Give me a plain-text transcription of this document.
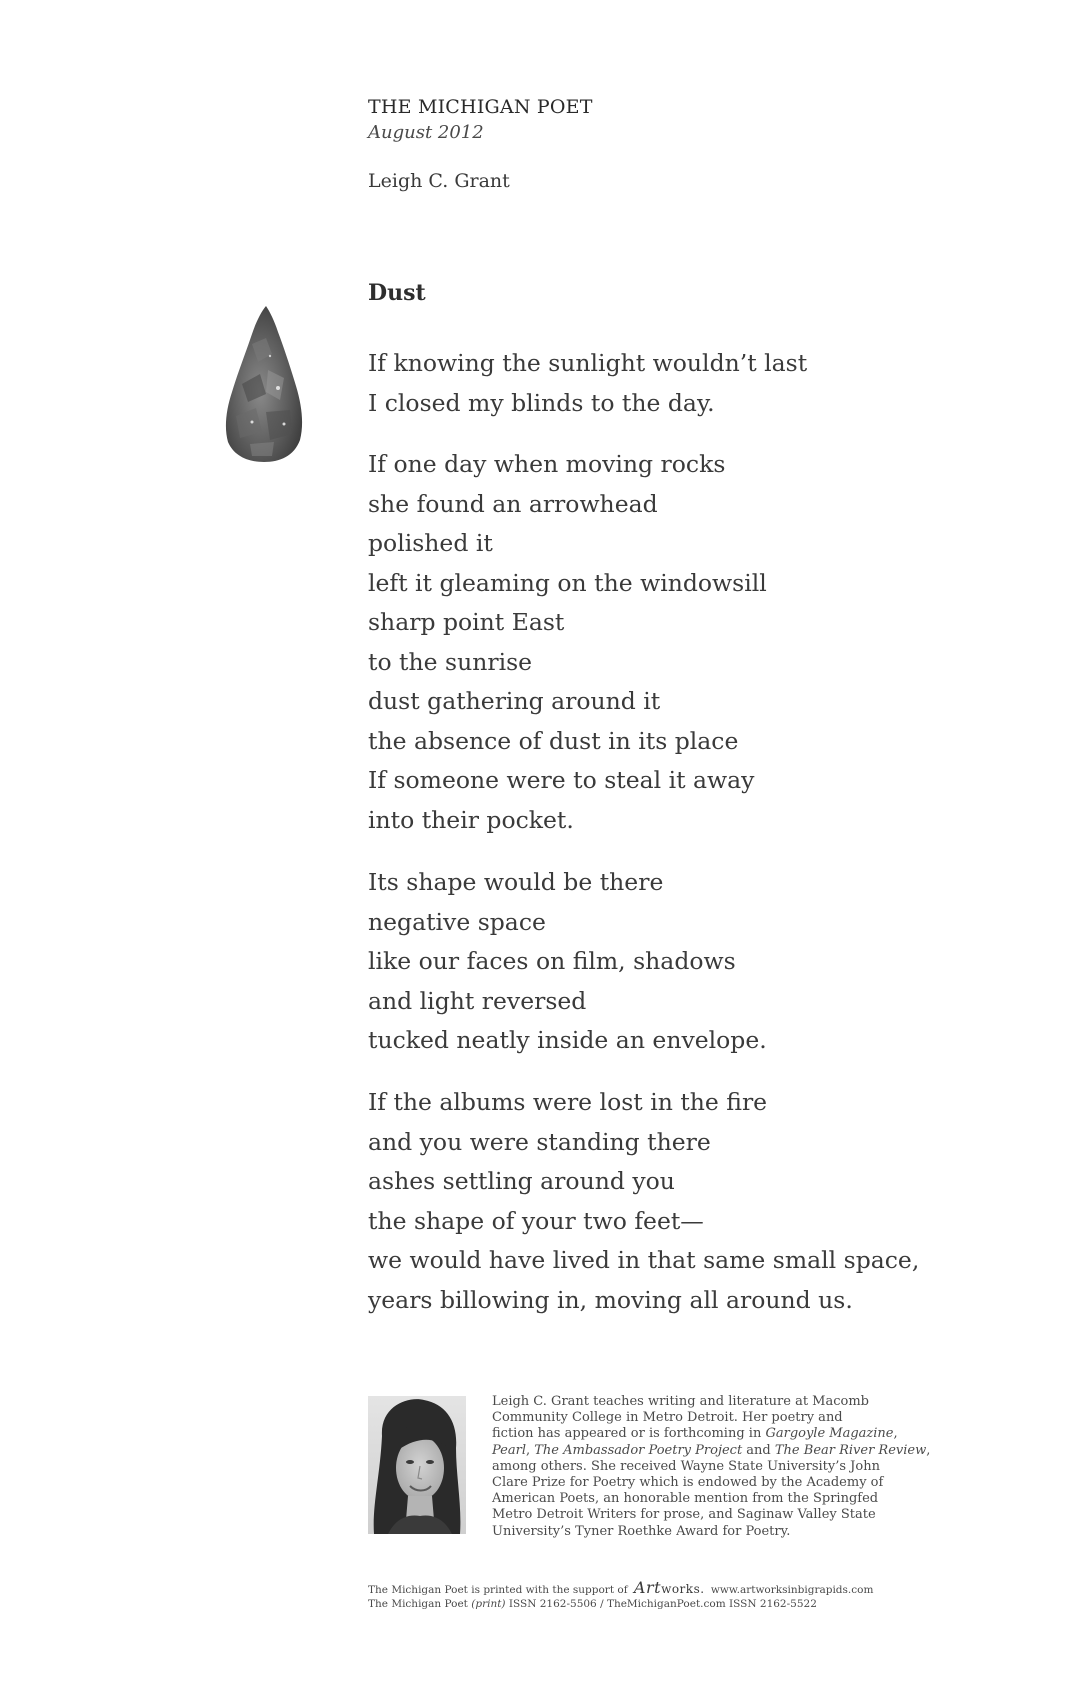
THE MICHIGAN POET
August 2012
Leigh C. Grant
Dust
If knowing the sunlight wouldn’t last
I closed my blinds to the day.
If one day when moving rocks
she found an arrowhead
polished it
left it gleaming on the windowsill
sharp point East
to the sunrise
dust gathering around it
the absence of dust in its place
If someone were to steal it away
into their pocket.
Its shape would be there
negative space
like our faces on film, shadows
and light reversed
tucked neatly inside an envelope.
If the albums were lost in the fire
and you were standing there
ashes settling around you
the shape of your two feet—
we would have lived in that same small space,
years billowing in, moving all around us.
Leigh C. Grant teaches writing and literature at Macomb
Community College in Metro Detroit. Her poetry and
fiction has appeared or is forthcoming in Gargoyle Magazine,
Pearl, The Ambassador Poetry Project and The Bear River Review,
among others. She received Wayne State University’s John
Clare Prize for Poetry which is endowed by the Academy of
American Poets, an honorable mention from the Springfed
Metro Detroit Writers for prose, and Saginaw Valley State
University’s Tyner Roethke Award for Poetry.
The Michigan Poet is printed with the support of Artworks. www.artworksinbigrapids.com
The Michigan Poet (print) ISSN 2162-5506 / TheMichiganPoet.com ISSN 2162-5522
